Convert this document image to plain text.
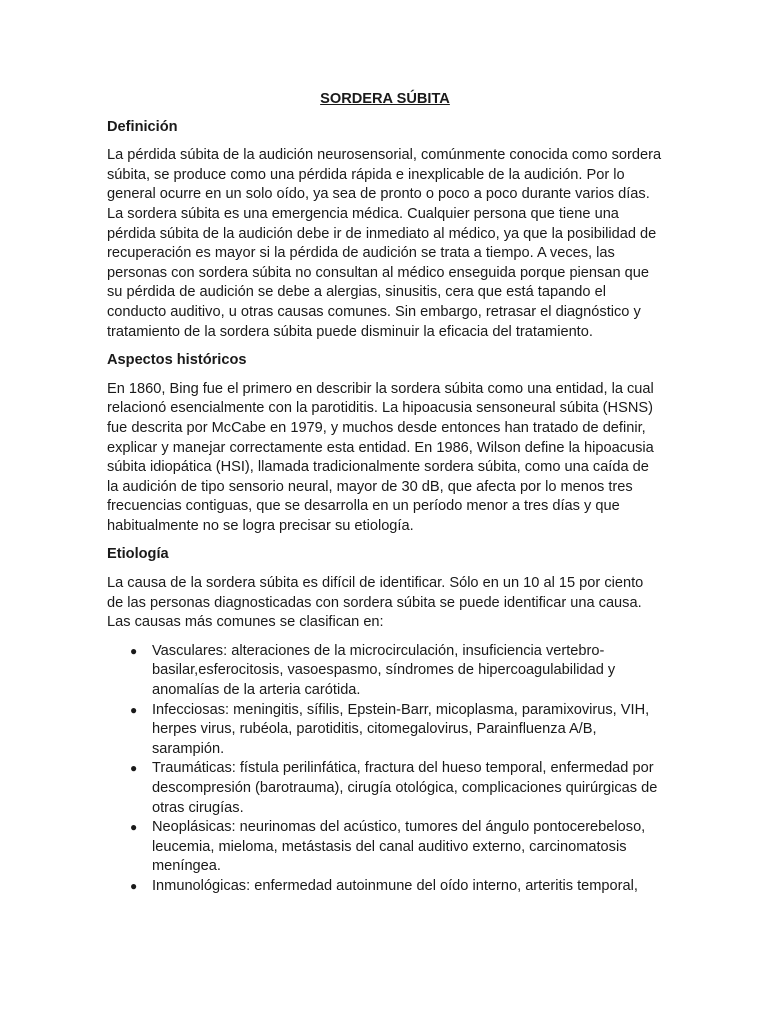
SORDERA SÚBITA
Definición
La pérdida súbita de la audición neurosensorial, comúnmente conocida como sordera súbita, se produce como una pérdida rápida e inexplicable de la audición. Por lo general ocurre en un solo oído, ya sea de pronto o poco a poco durante varios días. La sordera súbita es una emergencia médica. Cualquier persona que tiene una pérdida súbita de la audición debe ir de inmediato al médico, ya que la posibilidad de recuperación es mayor si la pérdida de audición se trata a tiempo. A veces, las personas con sordera súbita no consultan al médico enseguida porque piensan que su pérdida de audición se debe a alergias, sinusitis, cera que está tapando el conducto auditivo, u otras causas comunes. Sin embargo, retrasar el diagnóstico y tratamiento de la sordera súbita puede disminuir la eficacia del tratamiento.
Aspectos históricos
En 1860, Bing fue el primero en describir la sordera súbita como una entidad, la cual relacionó esencialmente con la parotiditis. La hipoacusia sensoneural súbita (HSNS) fue descrita por McCabe en 1979, y muchos desde entonces han tratado de definir, explicar y manejar correctamente esta entidad. En 1986, Wilson define la hipoacusia súbita idiopática (HSI), llamada tradicionalmente sordera súbita, como una caída de la audición de tipo sensorio neural, mayor de 30 dB, que afecta por lo menos tres frecuencias contiguas, que se desarrolla en un período menor a tres días y que habitualmente no se logra precisar su etiología.
Etiología
La causa de la sordera súbita es difícil de identificar. Sólo en un 10 al 15 por ciento de las personas diagnosticadas con sordera súbita se puede identificar una causa. Las causas más comunes se clasifican en:
● Vasculares: alteraciones de la microcirculación, insuficiencia vertebro-basilar,esferocitosis, vasoespasmo, síndromes de hipercoagulabilidad y anomalías de la arteria carótida.
● Infecciosas: meningitis, sífilis, Epstein-Barr, micoplasma, paramixovirus, VIH, herpes virus, rubéola, parotiditis, citomegalovirus, Parainfluenza A/B, sarampión.
● Traumáticas: fístula perilinfática, fractura del hueso temporal, enfermedad por descompresión (barotrauma), cirugía otológica, complicaciones quirúrgicas de otras cirugías.
● Neoplásicas: neurinomas del acústico, tumores del ángulo pontocerebeloso, leucemia, mieloma, metástasis del canal auditivo externo, carcinomatosis meníngea.
● Inmunológicas: enfermedad autoinmune del oído interno, arteritis temporal,
